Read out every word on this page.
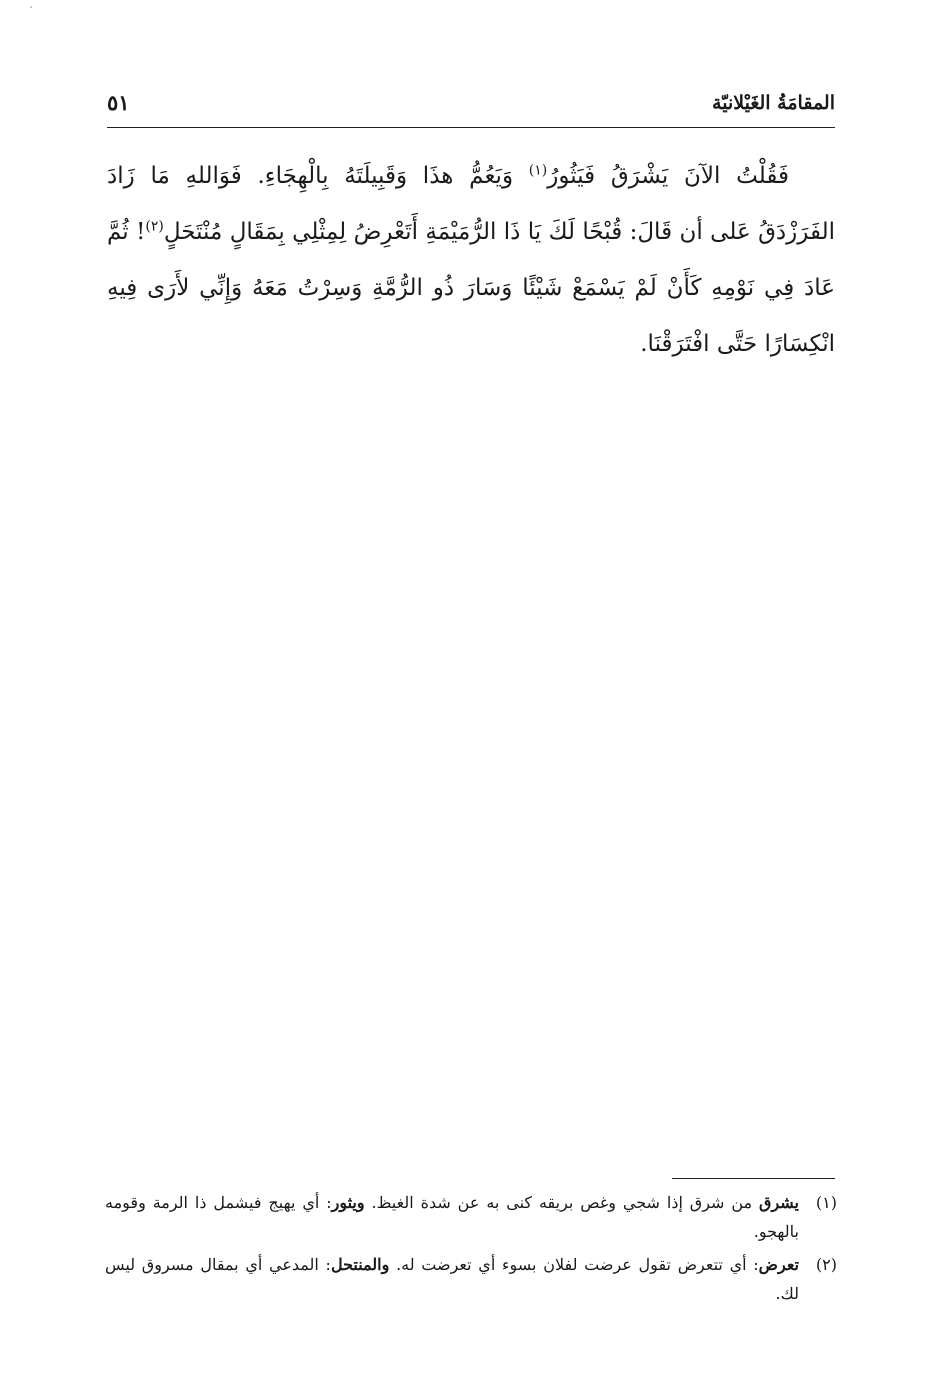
المقامَةُ الغَيْلانيّة
٥١

فَقُلْتُ الآنَ يَشْرَقُ فَيَثُورُ$^{(١)}$ وَيَعُمُّ هذَا وَقَبِيلَتَهُ بِالْهِجَاءِ. فَوَاللهِ مَا زَادَ الفَرَزْدَقُ عَلى أن قَالَ: قُبْحًا لَكَ يَا ذَا الرُّمَيْمَةِ أَتَعْرِضُ لِمِثْلِي بِمَقَالٍ مُنْتَحَلٍ$^{(٢)}$! ثُمَّ عَادَ فِي نَوْمِهِ كَأَنْ لَمْ يَسْمَعْ شَيْئًا وَسَارَ ذُو الرُّمَّةِ وَسِرْتُ مَعَهُ وَإِنِّي لأَرَى فِيهِ انْكِسَارًا حَتَّى افْتَرَقْنَا.

(١)
يشرق من شرق إذا شجي وغص بريقه كنى به عن شدة الغيظ. ويثور: أي يهيج فيشمل ذا الرمة وقومه بالهجو.

(٢)
تعرض: أي تتعرض تقول عرضت لفلان بسوء أي تعرضت له. والمنتحل: المدعي أي بمقال مسروق ليس لك.
